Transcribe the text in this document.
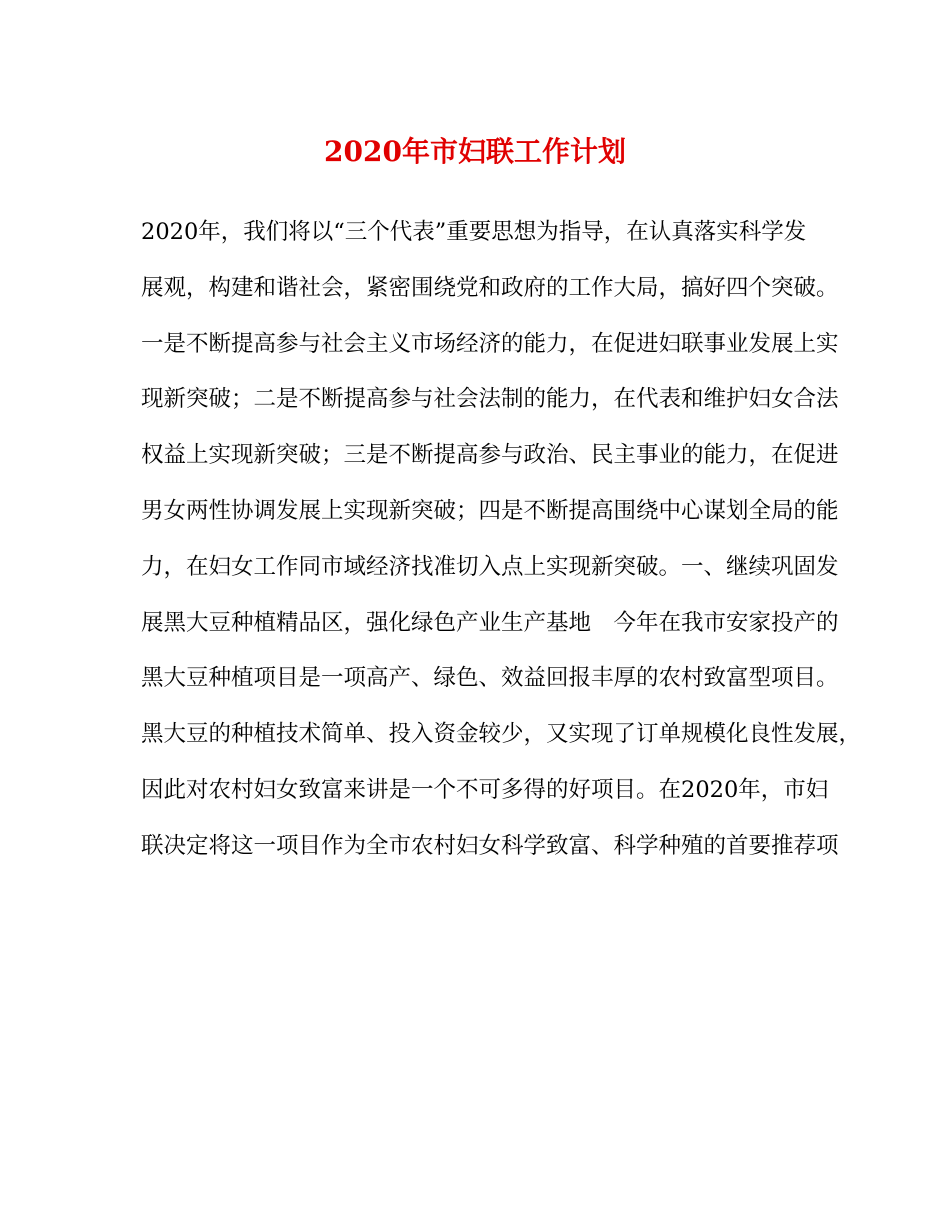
2020年市妇联工作计划
2020年，我们将以“三个代表”重要思想为指导，在认真落实科学发
展观，构建和谐社会，紧密围绕党和政府的工作大局，搞好四个突破。
一是不断提高参与社会主义市场经济的能力，在促进妇联事业发展上实
现新突破；二是不断提高参与社会法制的能力，在代表和维护妇女合法
权益上实现新突破；三是不断提高参与政治、民主事业的能力，在促进
男女两性协调发展上实现新突破；四是不断提高围绕中心谋划全局的能
力，在妇女工作同市域经济找准切入点上实现新突破。一、继续巩固发
展黑大豆种植精品区，强化绿色产业生产基地　今年在我市安家投产的
黑大豆种植项目是一项高产、绿色、效益回报丰厚的农村致富型项目。
黑大豆的种植技术简单、投入资金较少，又实现了订单规模化良性发展，
因此对农村妇女致富来讲是一个不可多得的好项目。在2020年，市妇
联决定将这一项目作为全市农村妇女科学致富、科学种殖的首要推荐项
